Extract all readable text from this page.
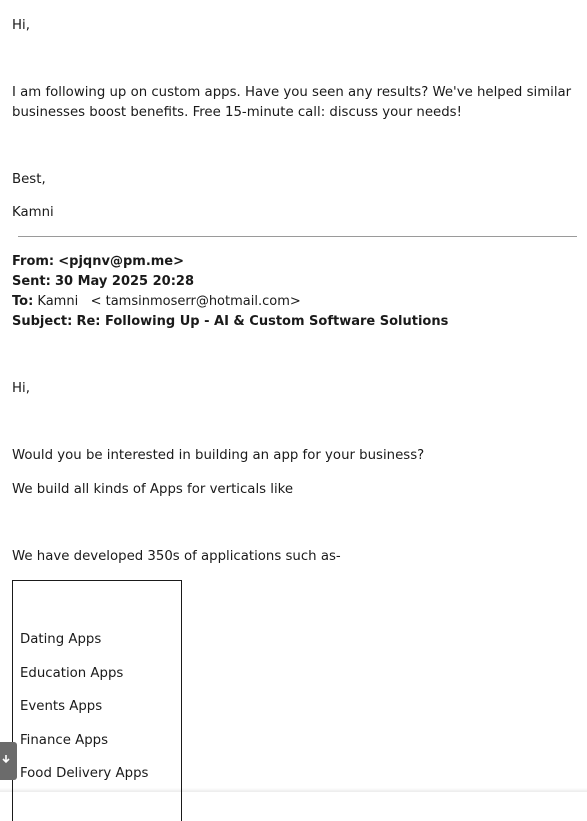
Hi,
I am following up on custom apps. Have you seen any results? We've helped similar businesses boost benefits. Free 15-minute call: discuss your needs!
Best,
Kamni
From: <pjqnv@pm.me>
Sent: 30 May 2025 20:28
To: Kamni   < tamsinmoserr@hotmail.com>
Subject: Re: Following Up - AI & Custom Software Solutions
Hi,
Would you be interested in building an app for your business?
We build all kinds of Apps for verticals like
We have developed 350s of applications such as-
Dating Apps
Education Apps
Events Apps
Finance Apps
Food Delivery Apps
